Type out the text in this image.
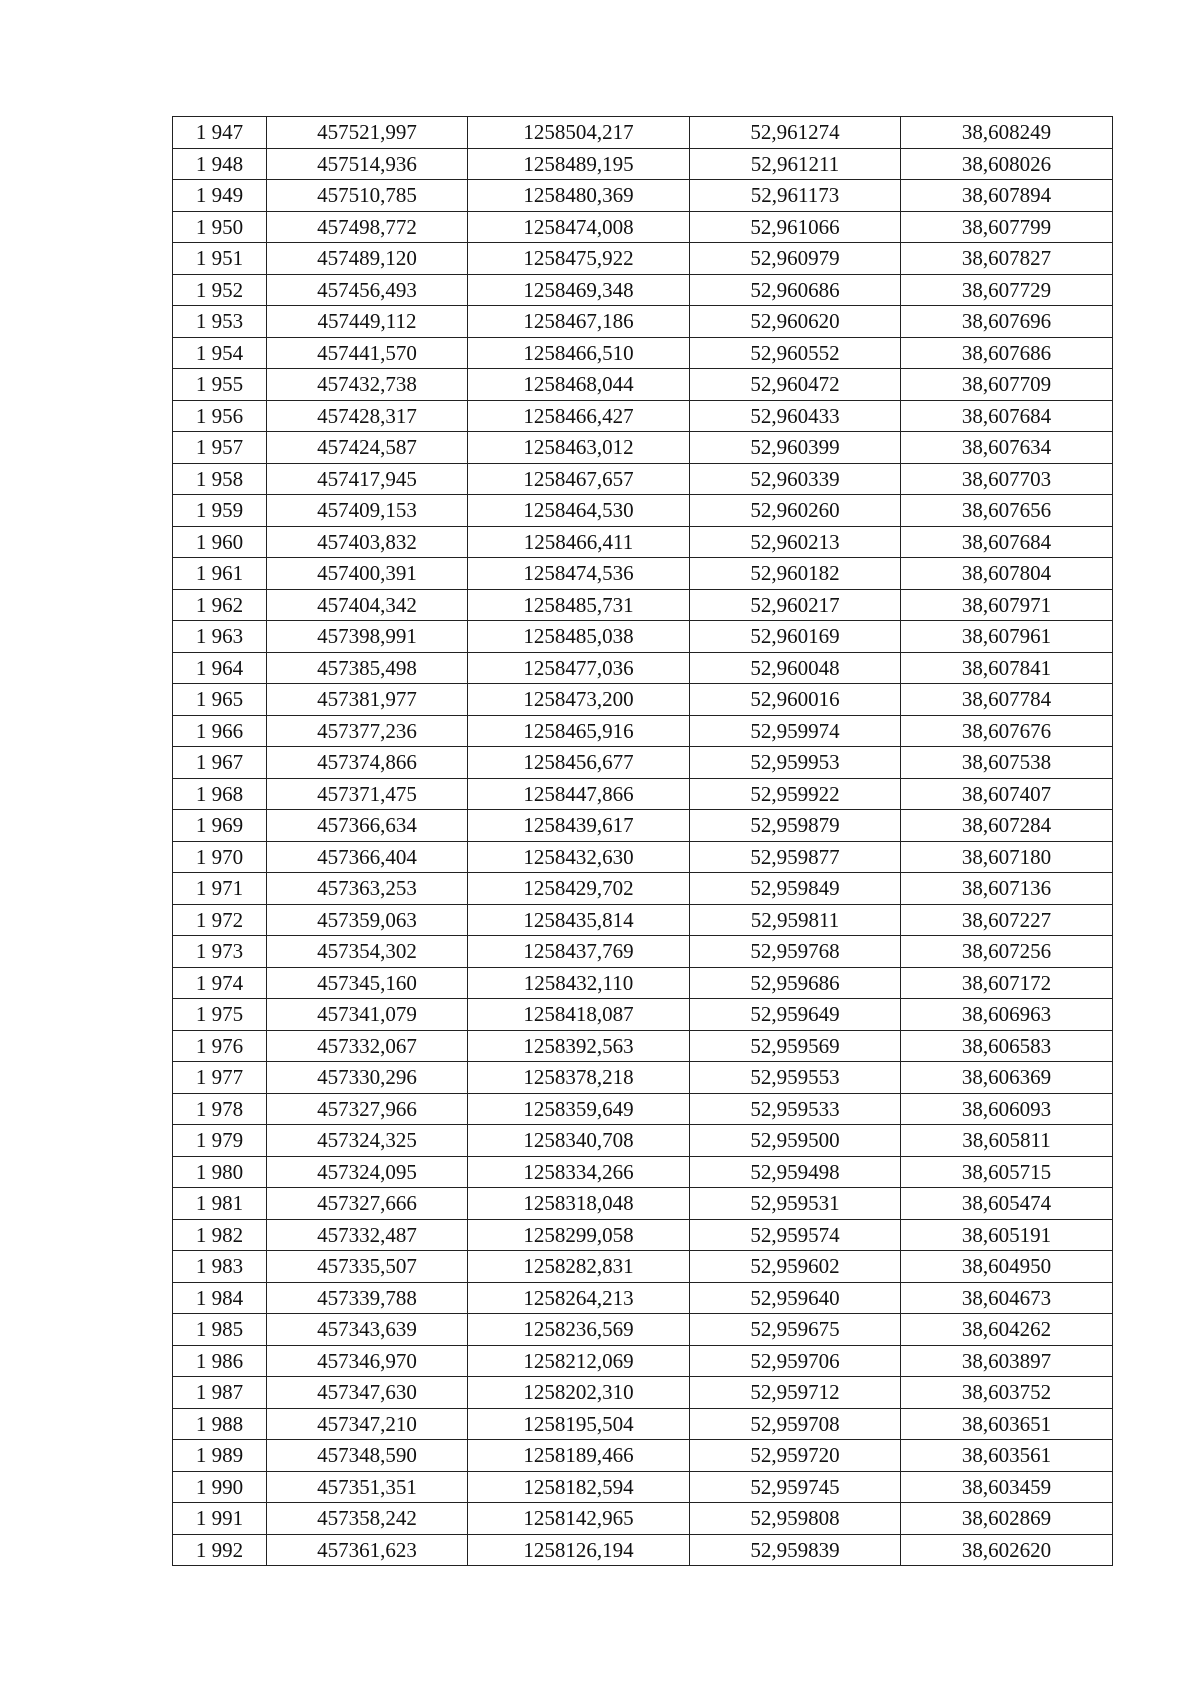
1 947	457521,997	1258504,217	52,961274	38,608249
1 948	457514,936	1258489,195	52,961211	38,608026
1 949	457510,785	1258480,369	52,961173	38,607894
1 950	457498,772	1258474,008	52,961066	38,607799
1 951	457489,120	1258475,922	52,960979	38,607827
1 952	457456,493	1258469,348	52,960686	38,607729
1 953	457449,112	1258467,186	52,960620	38,607696
1 954	457441,570	1258466,510	52,960552	38,607686
1 955	457432,738	1258468,044	52,960472	38,607709
1 956	457428,317	1258466,427	52,960433	38,607684
1 957	457424,587	1258463,012	52,960399	38,607634
1 958	457417,945	1258467,657	52,960339	38,607703
1 959	457409,153	1258464,530	52,960260	38,607656
1 960	457403,832	1258466,411	52,960213	38,607684
1 961	457400,391	1258474,536	52,960182	38,607804
1 962	457404,342	1258485,731	52,960217	38,607971
1 963	457398,991	1258485,038	52,960169	38,607961
1 964	457385,498	1258477,036	52,960048	38,607841
1 965	457381,977	1258473,200	52,960016	38,607784
1 966	457377,236	1258465,916	52,959974	38,607676
1 967	457374,866	1258456,677	52,959953	38,607538
1 968	457371,475	1258447,866	52,959922	38,607407
1 969	457366,634	1258439,617	52,959879	38,607284
1 970	457366,404	1258432,630	52,959877	38,607180
1 971	457363,253	1258429,702	52,959849	38,607136
1 972	457359,063	1258435,814	52,959811	38,607227
1 973	457354,302	1258437,769	52,959768	38,607256
1 974	457345,160	1258432,110	52,959686	38,607172
1 975	457341,079	1258418,087	52,959649	38,606963
1 976	457332,067	1258392,563	52,959569	38,606583
1 977	457330,296	1258378,218	52,959553	38,606369
1 978	457327,966	1258359,649	52,959533	38,606093
1 979	457324,325	1258340,708	52,959500	38,605811
1 980	457324,095	1258334,266	52,959498	38,605715
1 981	457327,666	1258318,048	52,959531	38,605474
1 982	457332,487	1258299,058	52,959574	38,605191
1 983	457335,507	1258282,831	52,959602	38,604950
1 984	457339,788	1258264,213	52,959640	38,604673
1 985	457343,639	1258236,569	52,959675	38,604262
1 986	457346,970	1258212,069	52,959706	38,603897
1 987	457347,630	1258202,310	52,959712	38,603752
1 988	457347,210	1258195,504	52,959708	38,603651
1 989	457348,590	1258189,466	52,959720	38,603561
1 990	457351,351	1258182,594	52,959745	38,603459
1 991	457358,242	1258142,965	52,959808	38,602869
1 992	457361,623	1258126,194	52,959839	38,602620
